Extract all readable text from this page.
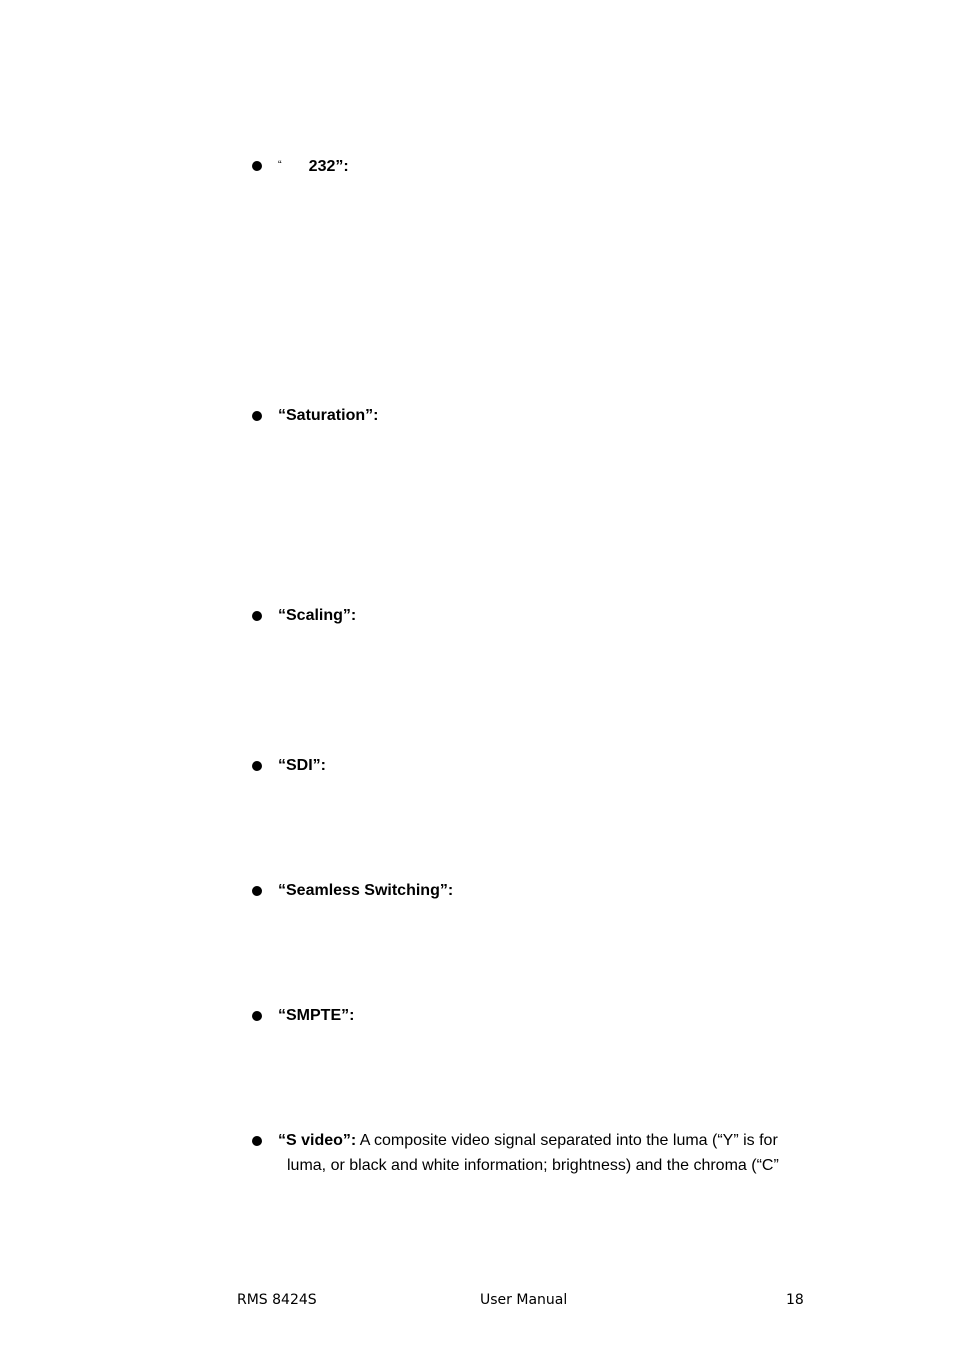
“ 232”:
“Saturation”:
“Scaling”:
“SDI”:
“Seamless Switching”:
“SMPTE”:
“S video”: A composite video signal separated into the luma (“Y” is for
luma, or black and white information; brightness) and the chroma (“C”
RMS 8424S	User Manual	18
